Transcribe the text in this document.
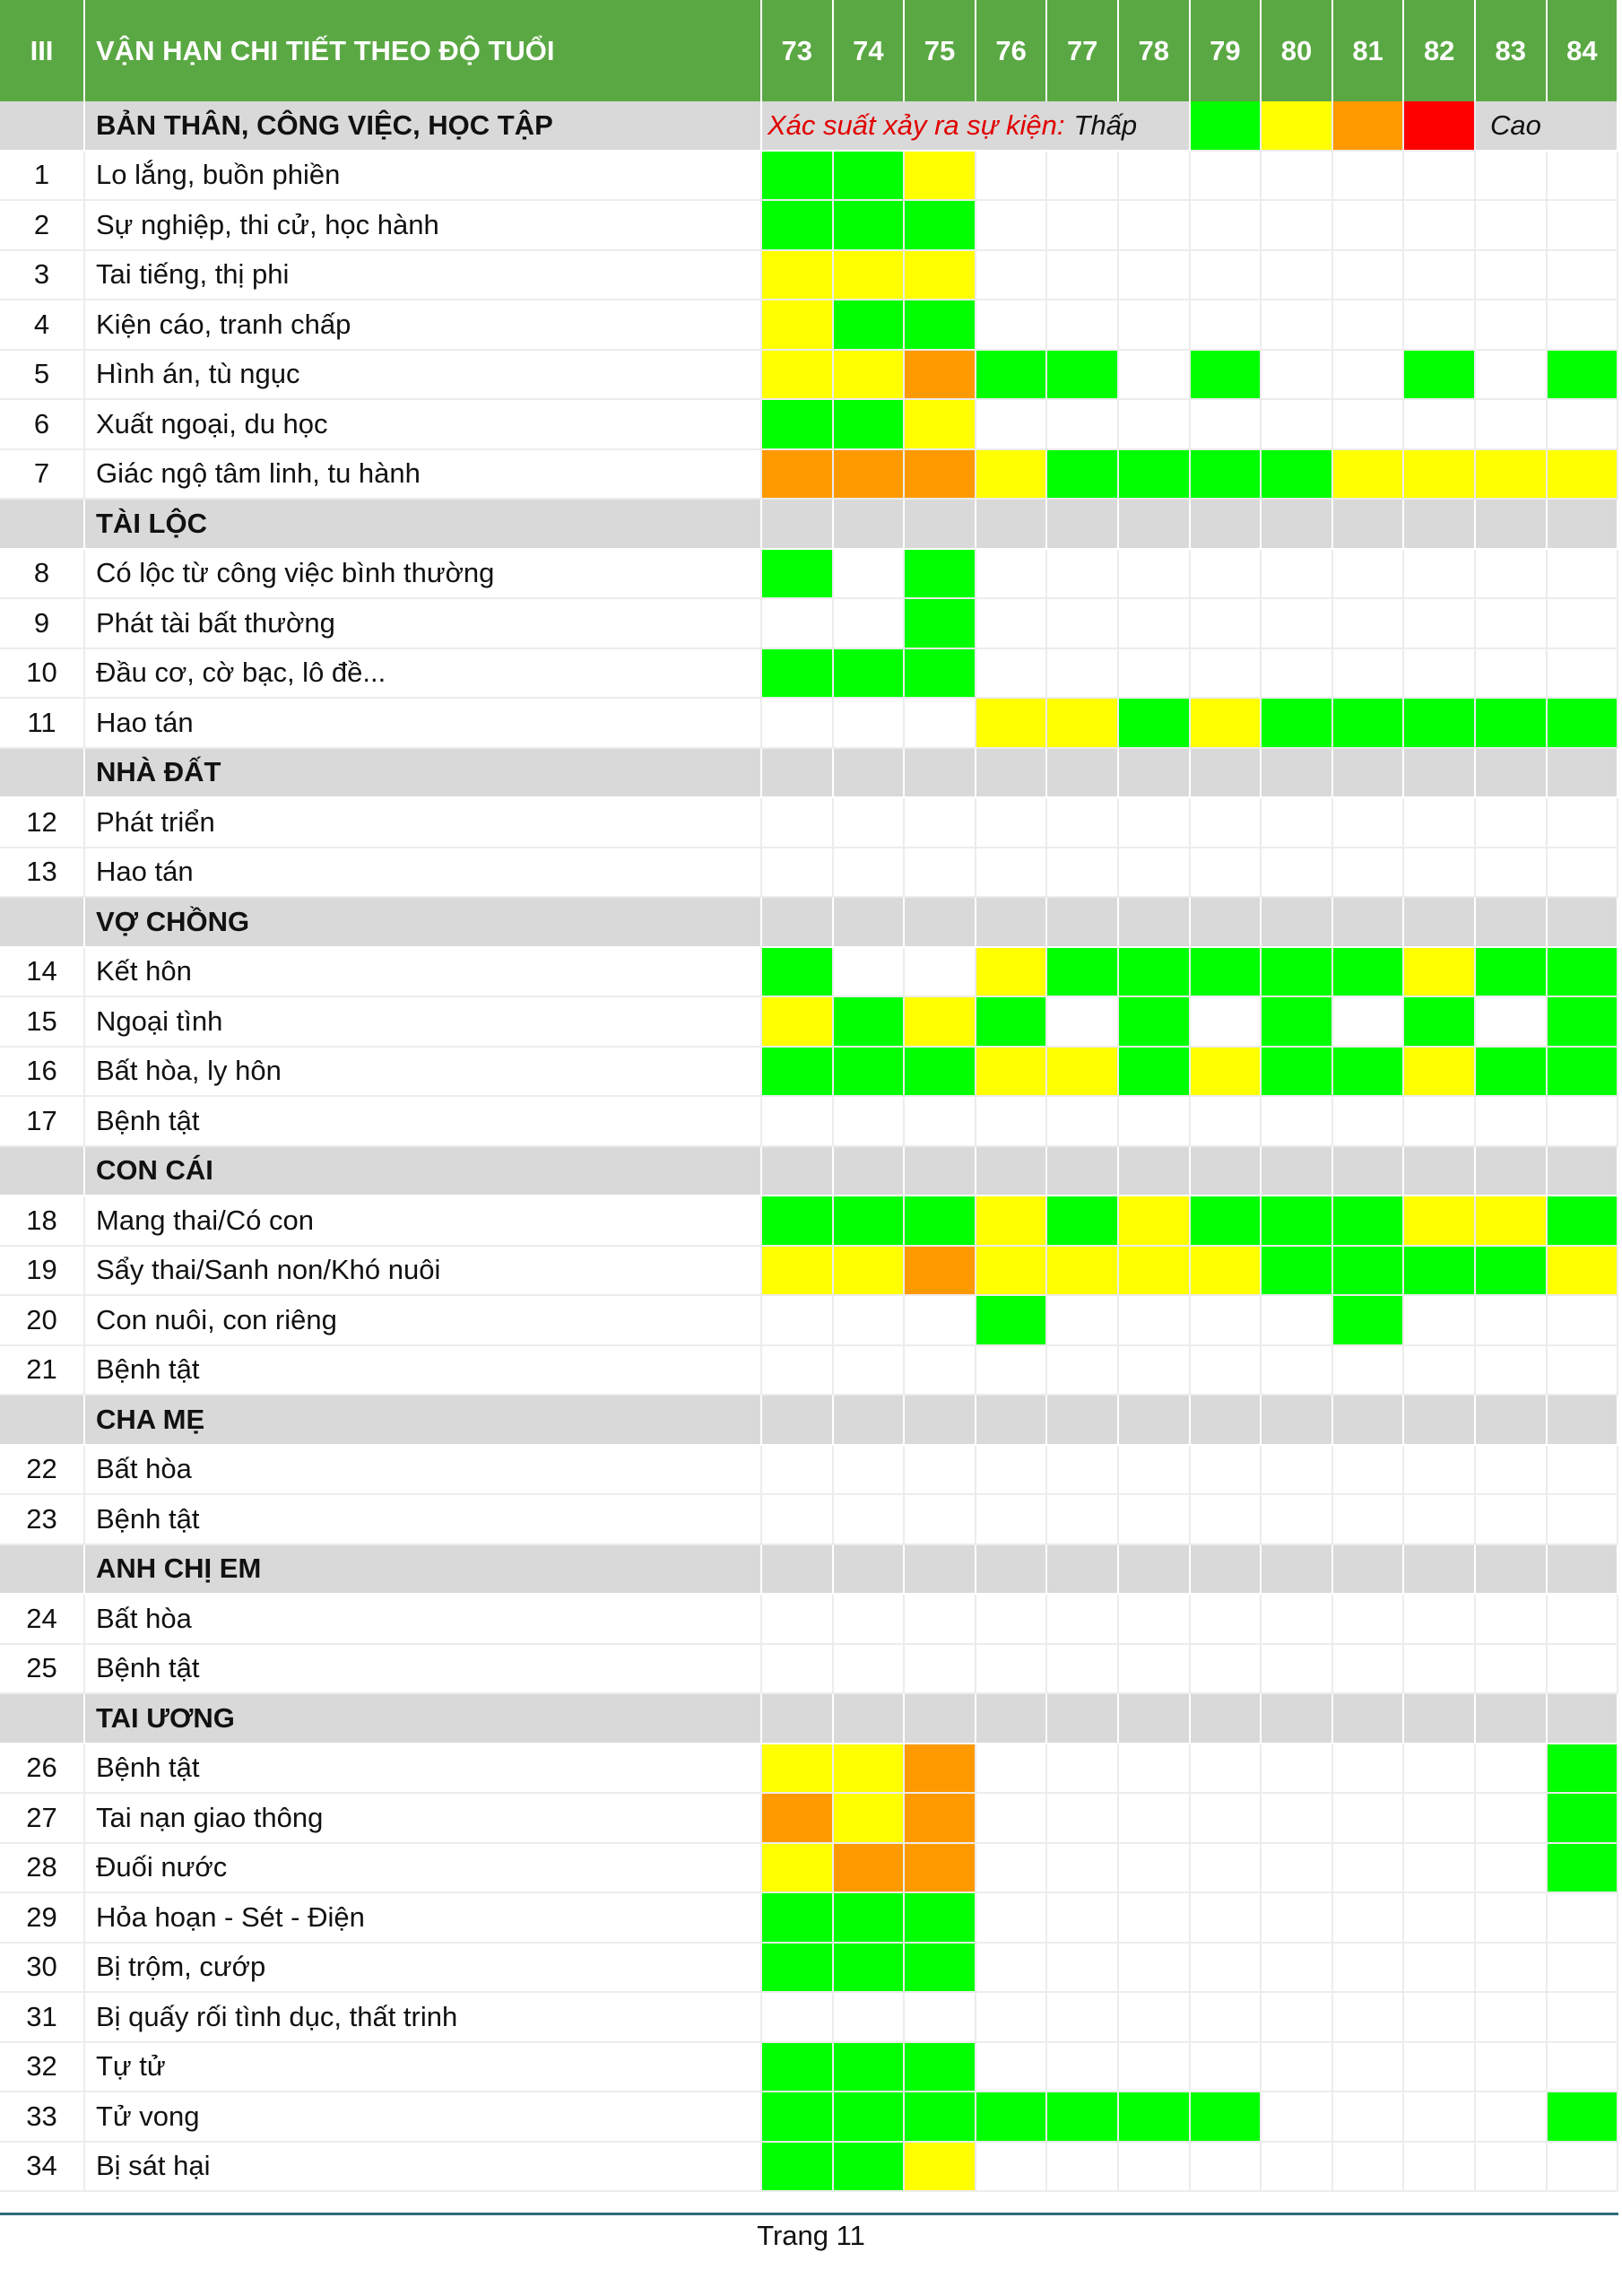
III	VẬN HẠN CHI TIẾT THEO ĐỘ TUỔI	73	74	75	76	77	78	79	80	81	82	83	84
BẢN THÂN, CÔNG VIỆC, HỌC TẬP	Xác suất xảy ra sự kiện: Thấp	Cao
1	Lo lắng, buồn phiền
2	Sự nghiệp, thi cử, học hành
3	Tai tiếng, thị phi
4	Kiện cáo, tranh chấp
5	Hình án, tù ngục
6	Xuất ngoại, du học
7	Giác ngộ tâm linh, tu hành
TÀI LỘC
8	Có lộc từ công việc bình thường
9	Phát tài bất thường
10	Đầu cơ, cờ bạc, lô đề...
11	Hao tán
NHÀ ĐẤT
12	Phát triển
13	Hao tán
VỢ CHỒNG
14	Kết hôn
15	Ngoại tình
16	Bất hòa, ly hôn
17	Bệnh tật
CON CÁI
18	Mang thai/Có con
19	Sẩy thai/Sanh non/Khó nuôi
20	Con nuôi, con riêng
21	Bệnh tật
CHA MẸ
22	Bất hòa
23	Bệnh tật
ANH CHỊ EM
24	Bất hòa
25	Bệnh tật
TAI ƯƠNG
26	Bệnh tật
27	Tai nạn giao thông
28	Đuối nước
29	Hỏa hoạn - Sét - Điện
30	Bị trộm, cướp
31	Bị quấy rối tình dục, thất trinh
32	Tự tử
33	Tử vong
34	Bị sát hại
Trang 11
